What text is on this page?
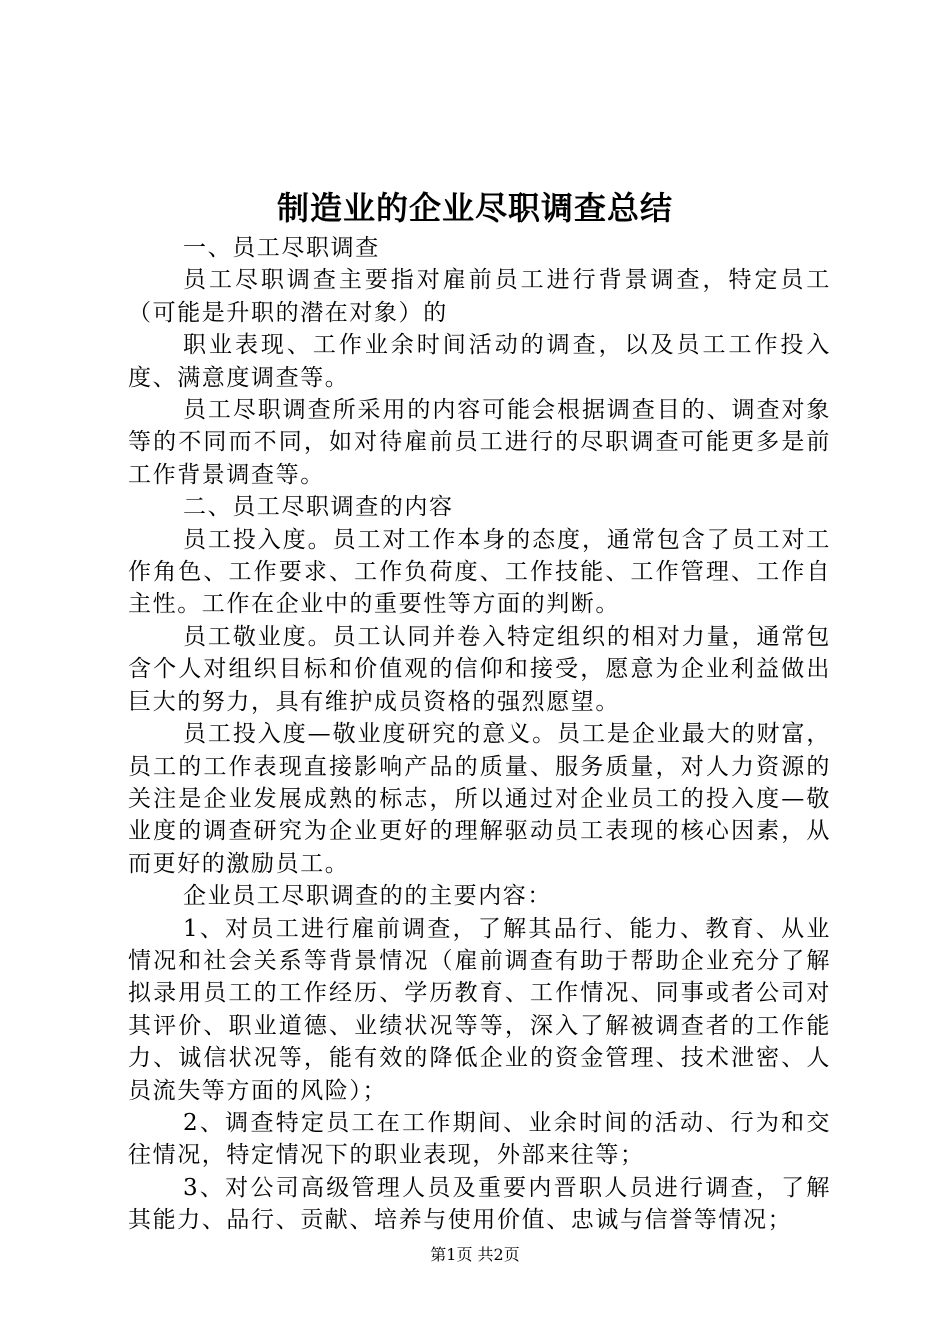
制造业的企业尽职调查总结

一、员工尽职调查

员工尽职调查主要指对雇前员工进行背景调查，特定员工（可能是升职的潜在对象）的

职业表现、工作业余时间活动的调查，以及员工工作投入度、满意度调查等。

员工尽职调查所采用的内容可能会根据调查目的、调查对象等的不同而不同，如对待雇前员工进行的尽职调查可能更多是前工作背景调查等。

二、员工尽职调查的内容

员工投入度。员工对工作本身的态度，通常包含了员工对工作角色、工作要求、工作负荷度、工作技能、工作管理、工作自主性。工作在企业中的重要性等方面的判断。

员工敬业度。员工认同并卷入特定组织的相对力量，通常包含个人对组织目标和价值观的信仰和接受，愿意为企业利益做出巨大的努力，具有维护成员资格的强烈愿望。

员工投入度—敬业度研究的意义。员工是企业最大的财富，员工的工作表现直接影响产品的质量、服务质量，对人力资源的关注是企业发展成熟的标志，所以通过对企业员工的投入度—敬业度的调查研究为企业更好的理解驱动员工表现的核心因素，从而更好的激励员工。

企业员工尽职调查的的主要内容：

1、对员工进行雇前调查，了解其品行、能力、教育、从业情况和社会关系等背景情况（雇前调查有助于帮助企业充分了解拟录用员工的工作经历、学历教育、工作情况、同事或者公司对其评价、职业道德、业绩状况等等，深入了解被调查者的工作能力、诚信状况等，能有效的降低企业的资金管理、技术泄密、人员流失等方面的风险）；

2、调查特定员工在工作期间、业余时间的活动、行为和交往情况，特定情况下的职业表现，外部来往等；

3、对公司高级管理人员及重要内晋职人员进行调查，了解其能力、品行、贡献、培养与使用价值、忠诚与信誉等情况；

第1页 共2页
